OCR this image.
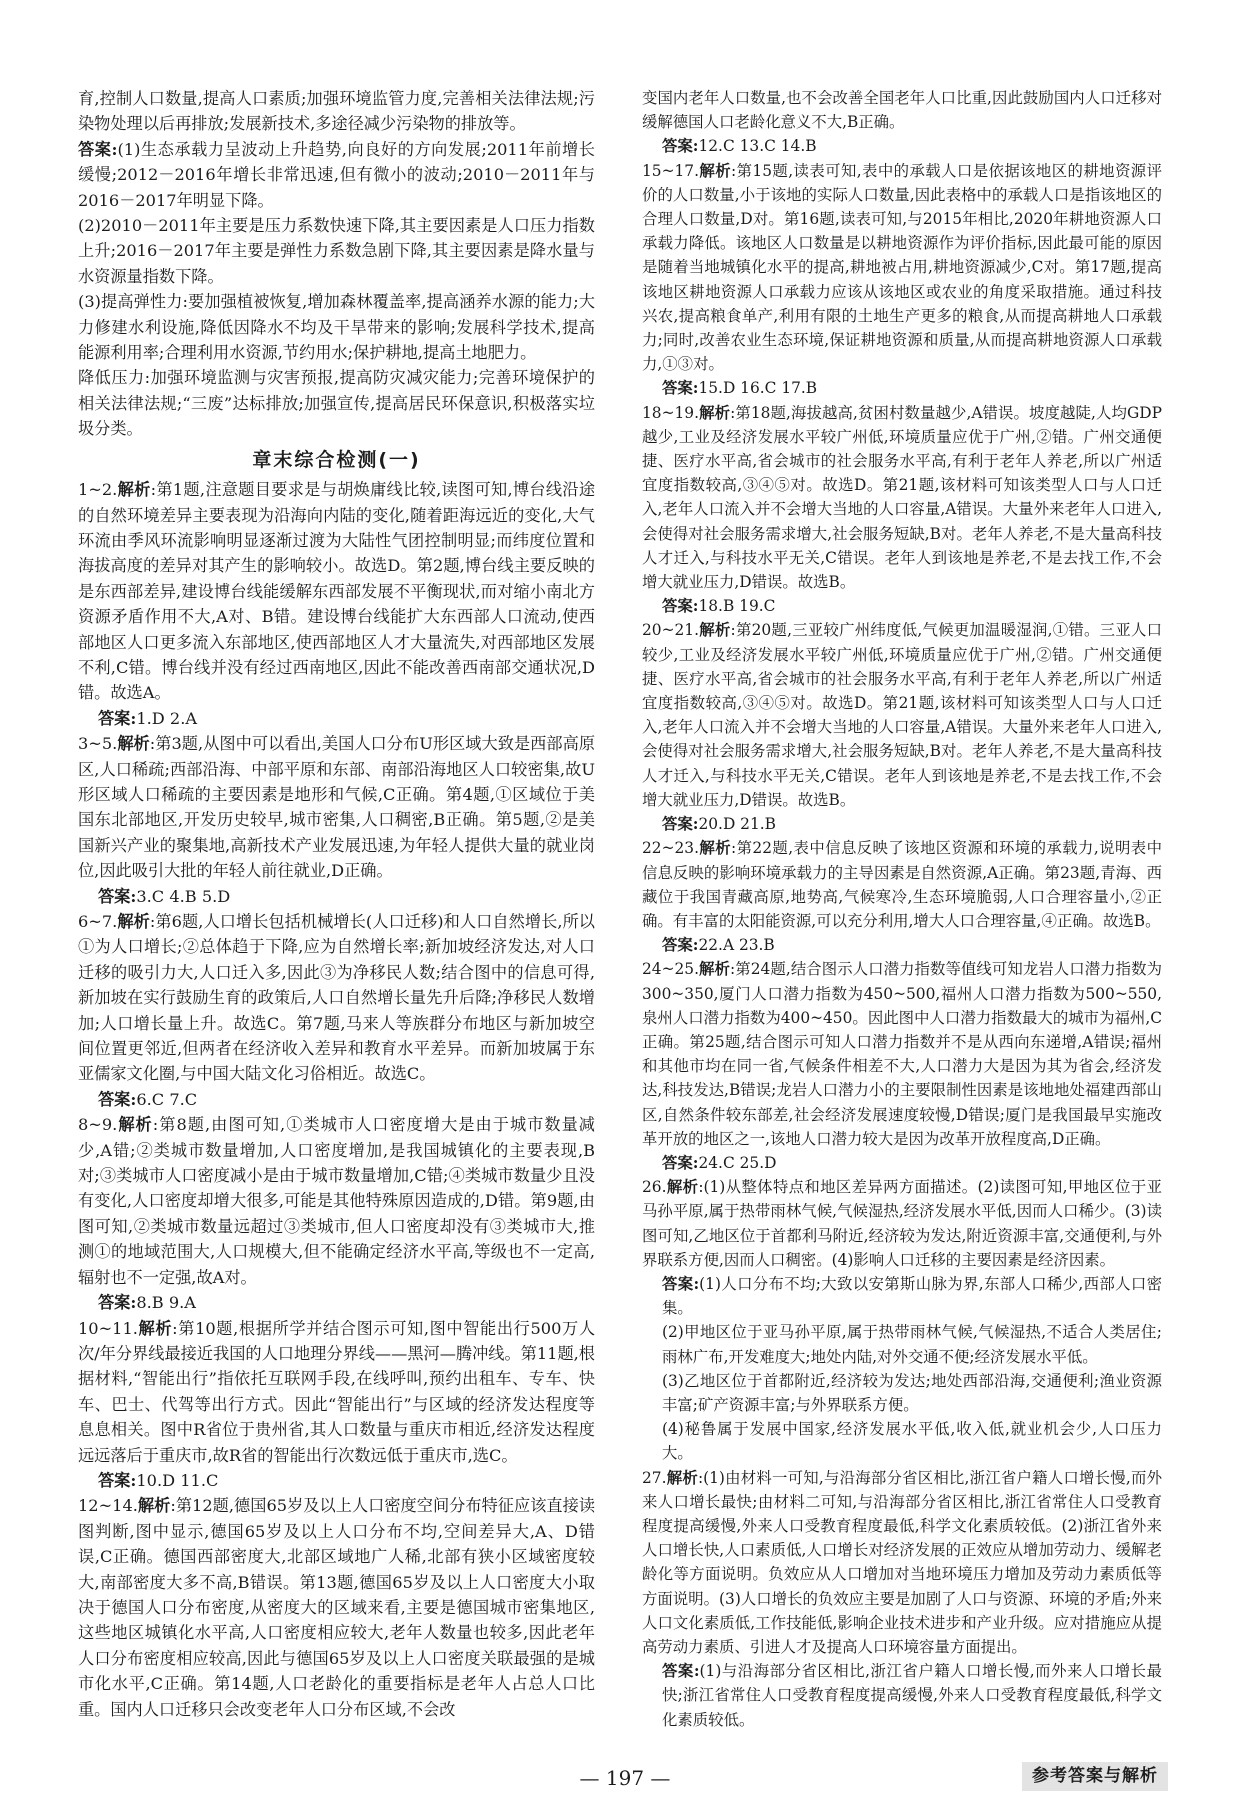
育,控制人口数量,提高人口素质;加强环境监管力度,完善相关法律法规;污染物处理以后再排放;发展新技术,多途径减少污染物的排放等。

答案:(1)生态承载力呈波动上升趋势,向良好的方向发展;2011年前增长缓慢;2012－2016年增长非常迅速,但有微小的波动;2010－2011年与2016－2017年明显下降。

(2)2010－2011年主要是压力系数快速下降,其主要因素是人口压力指数上升;2016－2017年主要是弹性力系数急剧下降,其主要因素是降水量与水资源量指数下降。

(3)提高弹性力:要加强植被恢复,增加森林覆盖率,提高涵养水源的能力;大力修建水利设施,降低因降水不均及干旱带来的影响;发展科学技术,提高能源利用率;合理利用水资源,节约用水;保护耕地,提高土地肥力。

降低压力:加强环境监测与灾害预报,提高防灾减灾能力;完善环境保护的相关法律法规;“三废”达标排放;加强宣传,提高居民环保意识,积极落实垃圾分类。

章末综合检测(一)

1~2.解析:第1题,注意题目要求是与胡焕庸线比较,读图可知,博台线沿途的自然环境差异主要表现为沿海向内陆的变化,随着距海远近的变化,大气环流由季风环流影响明显逐渐过渡为大陆性气团控制明显;而纬度位置和海拔高度的差异对其产生的影响较小。故选D。第2题,博台线主要反映的是东西部差异,建设博台线能缓解东西部发展不平衡现状,而对缩小南北方资源矛盾作用不大,A对、B错。建设博台线能扩大东西部人口流动,使西部地区人口更多流入东部地区,使西部地区人才大量流失,对西部地区发展不利,C错。博台线并没有经过西南地区,因此不能改善西南部交通状况,D错。故选A。

答案:1.D 2.A

3~5.解析:第3题,从图中可以看出,美国人口分布U形区域大致是西部高原区,人口稀疏;西部沿海、中部平原和东部、南部沿海地区人口较密集,故U形区域人口稀疏的主要因素是地形和气候,C正确。第4题,①区域位于美国东北部地区,开发历史较早,城市密集,人口稠密,B正确。第5题,②是美国新兴产业的聚集地,高新技术产业发展迅速,为年轻人提供大量的就业岗位,因此吸引大批的年轻人前往就业,D正确。

答案:3.C 4.B 5.D

6~7.解析:第6题,人口增长包括机械增长(人口迁移)和人口自然增长,所以①为人口增长;②总体趋于下降,应为自然增长率;新加坡经济发达,对人口迁移的吸引力大,人口迁入多,因此③为净移民人数;结合图中的信息可得,新加坡在实行鼓励生育的政策后,人口自然增长量先升后降;净移民人数增加;人口增长量上升。故选C。第7题,马来人等族群分布地区与新加坡空间位置更邻近,但两者在经济收入差异和教育水平差异。而新加坡属于东亚儒家文化圈,与中国大陆文化习俗相近。故选C。

答案:6.C 7.C

8~9.解析:第8题,由图可知,①类城市人口密度增大是由于城市数量减少,A错;②类城市数量增加,人口密度增加,是我国城镇化的主要表现,B对;③类城市人口密度减小是由于城市数量增加,C错;④类城市数量少且没有变化,人口密度却增大很多,可能是其他特殊原因造成的,D错。第9题,由图可知,②类城市数量远超过③类城市,但人口密度却没有③类城市大,推测①的地域范围大,人口规模大,但不能确定经济水平高,等级也不一定高,辐射也不一定强,故A对。

答案:8.B 9.A

10~11.解析:第10题,根据所学并结合图示可知,图中智能出行500万人次/年分界线最接近我国的人口地理分界线——黑河—腾冲线。第11题,根据材料,“智能出行”指依托互联网手段,在线呼叫,预约出租车、专车、快车、巴士、代驾等出行方式。因此“智能出行”与区域的经济发达程度等息息相关。图中R省位于贵州省,其人口数量与重庆市相近,经济发达程度远远落后于重庆市,故R省的智能出行次数远低于重庆市,选C。

答案:10.D 11.C

12~14.解析:第12题,德国65岁及以上人口密度空间分布特征应该直接读图判断,图中显示,德国65岁及以上人口分布不均,空间差异大,A、D错误,C正确。德国西部密度大,北部区域地广人稀,北部有狭小区域密度较大,南部密度大多不高,B错误。第13题,德国65岁及以上人口密度大小取决于德国人口分布密度,从密度大的区域来看,主要是德国城市密集地区,这些地区城镇化水平高,人口密度相应较大,老年人数量也较多,因此老年人口分布密度相应较高,因此与德国65岁及以上人口密度关联最强的是城市化水平,C正确。第14题,人口老龄化的重要指标是老年人占总人口比重。国内人口迁移只会改变老年人口分布区域,不会改

变国内老年人口数量,也不会改善全国老年人口比重,因此鼓励国内人口迁移对缓解德国人口老龄化意义不大,B正确。

答案:12.C 13.C 14.B

15~17.解析:第15题,读表可知,表中的承载人口是依据该地区的耕地资源评价的人口数量,小于该地的实际人口数量,因此表格中的承载人口是指该地区的合理人口数量,D对。第16题,读表可知,与2015年相比,2020年耕地资源人口承载力降低。该地区人口数量是以耕地资源作为评价指标,因此最可能的原因是随着当地城镇化水平的提高,耕地被占用,耕地资源减少,C对。第17题,提高该地区耕地资源人口承载力应该从该地区或农业的角度采取措施。通过科技兴农,提高粮食单产,利用有限的土地生产更多的粮食,从而提高耕地人口承载力;同时,改善农业生态环境,保证耕地资源和质量,从而提高耕地资源人口承载力,①③对。

答案:15.D 16.C 17.B

18~19.解析:第18题,海拔越高,贫困村数量越少,A错误。坡度越陡,人均GDP越少,工业及经济发展水平较广州低,环境质量应优于广州,②错。广州交通便捷、医疗水平高,省会城市的社会服务水平高,有利于老年人养老,所以广州适宜度指数较高,③④⑤对。故选D。第21题,该材料可知该类型人口与人口迁入,老年人口流入并不会增大当地的人口容量,A错误。大量外来老年人口进入,会使得对社会服务需求增大,社会服务短缺,B对。老年人养老,不是大量高科技人才迁入,与科技水平无关,C错误。老年人到该地是养老,不是去找工作,不会增大就业压力,D错误。故选B。

答案:18.B 19.C

20~21.解析:第20题,三亚较广州纬度低,气候更加温暖湿润,①错。三亚人口较少,工业及经济发展水平较广州低,环境质量应优于广州,②错。广州交通便捷、医疗水平高,省会城市的社会服务水平高,有利于老年人养老,所以广州适宜度指数较高,③④⑤对。故选D。第21题,该材料可知该类型人口与人口迁入,老年人口流入并不会增大当地的人口容量,A错误。大量外来老年人口进入,会使得对社会服务需求增大,社会服务短缺,B对。老年人养老,不是大量高科技人才迁入,与科技水平无关,C错误。老年人到该地是养老,不是去找工作,不会增大就业压力,D错误。故选B。

答案:20.D 21.B

22~23.解析:第22题,表中信息反映了该地区资源和环境的承载力,说明表中信息反映的影响环境承载力的主导因素是自然资源,A正确。第23题,青海、西藏位于我国青藏高原,地势高,气候寒冷,生态环境脆弱,人口合理容量小,②正确。有丰富的太阳能资源,可以充分利用,增大人口合理容量,④正确。故选B。

答案:22.A 23.B

24~25.解析:第24题,结合图示人口潜力指数等值线可知龙岩人口潜力指数为300~350,厦门人口潜力指数为450~500,福州人口潜力指数为500~550,泉州人口潜力指数为400~450。因此图中人口潜力指数最大的城市为福州,C正确。第25题,结合图示可知人口潜力指数并不是从西向东递增,A错误;福州和其他市均在同一省,气候条件相差不大,人口潜力大是因为其为省会,经济发达,科技发达,B错误;龙岩人口潜力小的主要限制性因素是该地地处福建西部山区,自然条件较东部差,社会经济发展速度较慢,D错误;厦门是我国最早实施改革开放的地区之一,该地人口潜力较大是因为改革开放程度高,D正确。

答案:24.C 25.D

26.解析:(1)从整体特点和地区差异两方面描述。(2)读图可知,甲地区位于亚马孙平原,属于热带雨林气候,气候湿热,经济发展水平低,因而人口稀少。(3)读图可知,乙地区位于首都利马附近,经济较为发达,附近资源丰富,交通便利,与外界联系方便,因而人口稠密。(4)影响人口迁移的主要因素是经济因素。

答案:(1)人口分布不均;大致以安第斯山脉为界,东部人口稀少,西部人口密集。

(2)甲地区位于亚马孙平原,属于热带雨林气候,气候湿热,不适合人类居住;雨林广布,开发难度大;地处内陆,对外交通不便;经济发展水平低。

(3)乙地区位于首都附近,经济较为发达;地处西部沿海,交通便利;渔业资源丰富;矿产资源丰富;与外界联系方便。

(4)秘鲁属于发展中国家,经济发展水平低,收入低,就业机会少,人口压力大。

27.解析:(1)由材料一可知,与沿海部分省区相比,浙江省户籍人口增长慢,而外来人口增长最快;由材料二可知,与沿海部分省区相比,浙江省常住人口受教育程度提高缓慢,外来人口受教育程度最低,科学文化素质较低。(2)浙江省外来人口增长快,人口素质低,人口增长对经济发展的正效应从增加劳动力、缓解老龄化等方面说明。负效应从人口增加对当地环境压力增加及劳动力素质低等方面说明。(3)人口增长的负效应主要是加剧了人口与资源、环境的矛盾;外来人口文化素质低,工作技能低,影响企业技术进步和产业升级。应对措施应从提高劳动力素质、引进人才及提高人口环境容量方面提出。

答案:(1)与沿海部分省区相比,浙江省户籍人口增长慢,而外来人口增长最快;浙江省常住人口受教育程度提高缓慢,外来人口受教育程度最低,科学文化素质较低。

— 197 —	参考答案与解析
